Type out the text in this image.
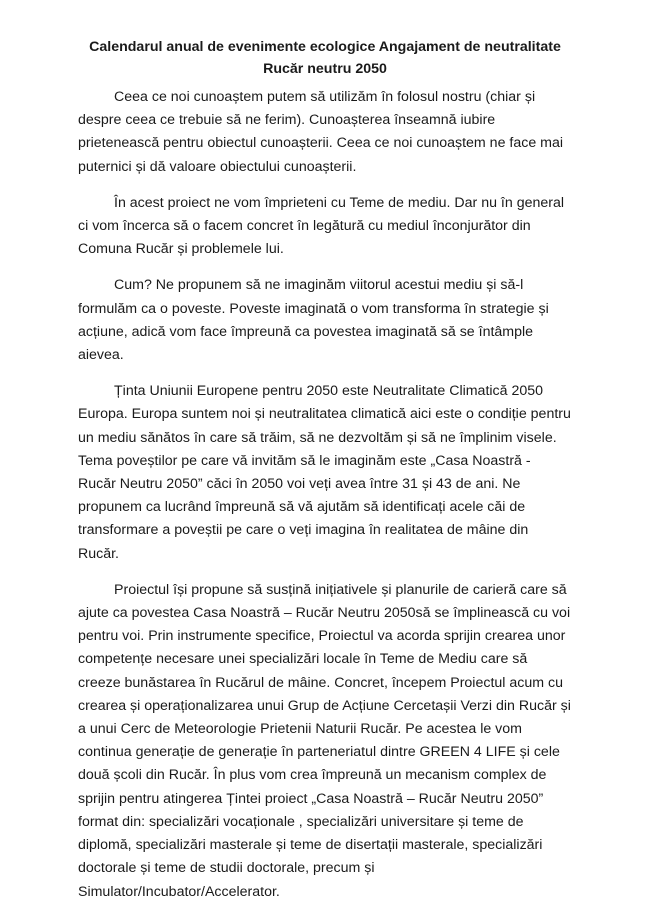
Calendarul anual de evenimente ecologice Angajament de neutralitate Rucăr neutru 2050

Ceea ce noi cunoaștem putem să utilizăm în folosul nostru (chiar și despre ceea ce trebuie să ne ferim). Cunoașterea înseamnă iubire prietenească pentru obiectul cunoașterii. Ceea ce noi cunoaștem ne face mai puternici și dă valoare obiectului cunoașterii.

În acest proiect ne vom împrieteni cu Teme de mediu. Dar nu în general ci vom încerca să o facem concret în legătură cu mediul înconjurător din Comuna Rucăr și problemele lui.

Cum? Ne propunem să ne imaginăm viitorul acestui mediu și să-l formulăm ca o poveste. Poveste imaginată o vom transforma în strategie și acțiune, adică vom face împreună ca povestea imaginată să se întâmple aievea.

Ținta Uniunii Europene pentru 2050 este Neutralitate Climatică 2050 Europa. Europa suntem noi și neutralitatea climatică aici este o condiție pentru un mediu sănătos în care să trăim, să ne dezvoltăm și să ne împlinim visele. Tema poveștilor pe care vă invităm să le imaginăm este „Casa Noastră - Rucăr Neutru 2050” căci în 2050 voi veți avea între 31 și 43 de ani. Ne propunem ca lucrând împreună să vă ajutăm să identificați acele căi de transformare a poveștii pe care o veți imagina în realitatea de mâine din Rucăr.

Proiectul își propune să susțină inițiativele și planurile de carieră care să ajute ca povestea Casa Noastră – Rucăr Neutru 2050să se împlinească cu voi pentru voi. Prin instrumente specifice, Proiectul va acorda sprijin crearea unor competențe necesare unei specializări locale în Teme de Mediu care să creeze bunăstarea în Rucărul de mâine. Concret, începem Proiectul acum cu crearea și operaționalizarea unui Grup de Acțiune Cercetașii Verzi din Rucăr și a unui Cerc de Meteorologie Prietenii Naturii Rucăr. Pe acestea le vom continua generație de generație în parteneriatul dintre GREEN 4 LIFE și cele două școli din Rucăr. În plus vom crea împreună un mecanism complex de sprijin pentru atingerea Țintei proiect „Casa Noastră – Rucăr Neutru 2050” format din: specializări vocaționale , specializări universitare și teme de diplomă, specializări masterale și teme de disertații masterale, specializări doctorale și teme de studii doctorale, precum și Simulator/Incubator/Accelerator.
